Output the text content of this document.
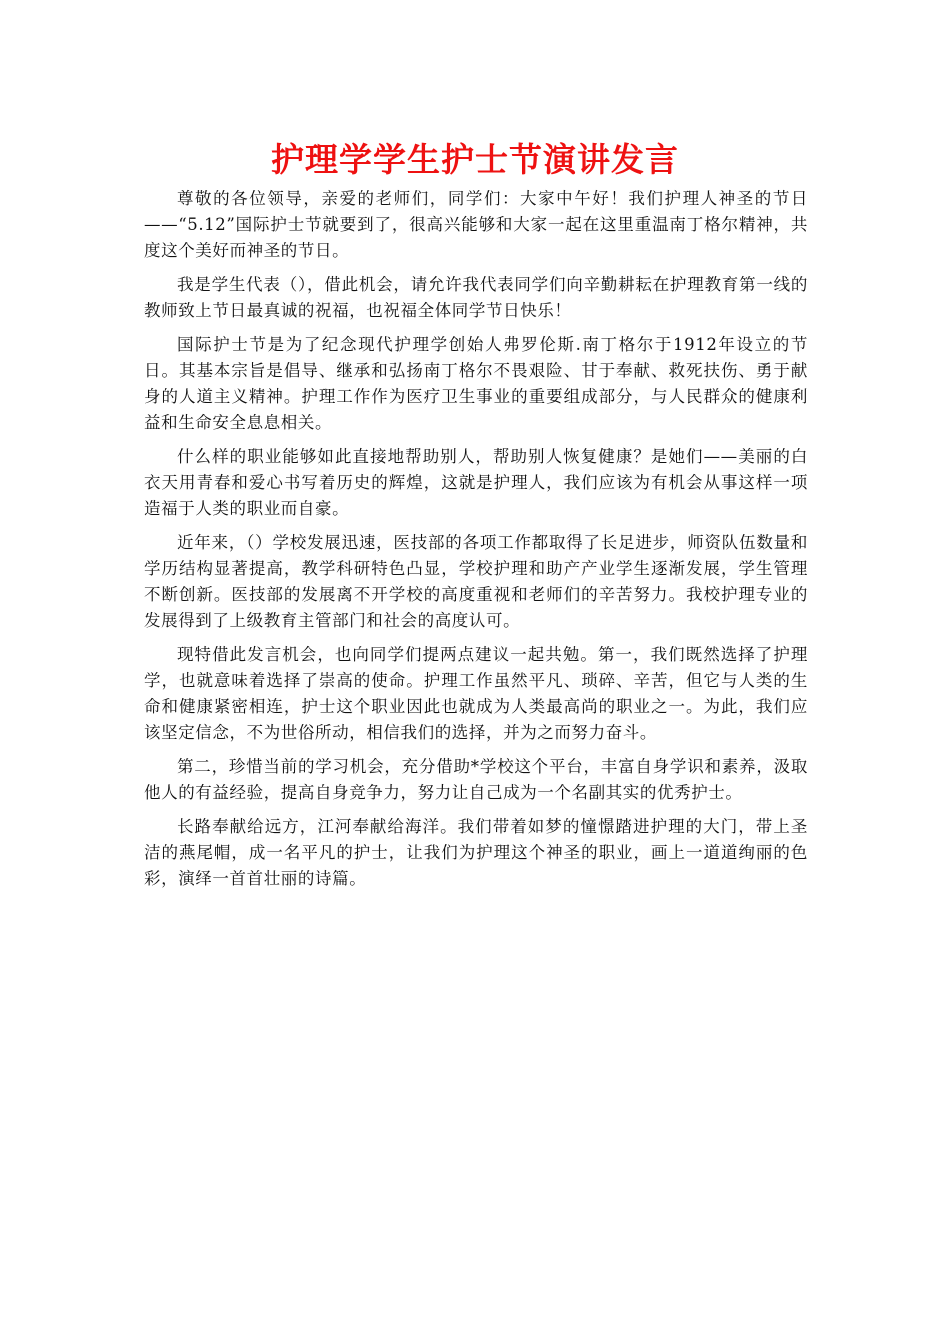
护理学学生护士节演讲发言

尊敬的各位领导，亲爱的老师们，同学们：大家中午好！我们护理人神圣的节日——“5.12”国际护士节就要到了，很高兴能够和大家一起在这里重温南丁格尔精神，共度这个美好而神圣的节日。

我是学生代表（），借此机会，请允许我代表同学们向辛勤耕耘在护理教育第一线的教师致上节日最真诚的祝福，也祝福全体同学节日快乐！

国际护士节是为了纪念现代护理学创始人弗罗伦斯.南丁格尔于1912年设立的节日。其基本宗旨是倡导、继承和弘扬南丁格尔不畏艰险、甘于奉献、救死扶伤、勇于献身的人道主义精神。护理工作作为医疗卫生事业的重要组成部分，与人民群众的健康利益和生命安全息息相关。

什么样的职业能够如此直接地帮助别人，帮助别人恢复健康？是她们——美丽的白衣天用青春和爱心书写着历史的辉煌，这就是护理人，我们应该为有机会从事这样一项造福于人类的职业而自豪。

近年来，（）学校发展迅速，医技部的各项工作都取得了长足进步，师资队伍数量和学历结构显著提高，教学科研特色凸显，学校护理和助产产业学生逐渐发展，学生管理不断创新。医技部的发展离不开学校的高度重视和老师们的辛苦努力。我校护理专业的发展得到了上级教育主管部门和社会的高度认可。

现特借此发言机会，也向同学们提两点建议一起共勉。第一，我们既然选择了护理学，也就意味着选择了崇高的使命。护理工作虽然平凡、琐碎、辛苦，但它与人类的生命和健康紧密相连，护士这个职业因此也就成为人类最高尚的职业之一。为此，我们应该坚定信念，不为世俗所动，相信我们的选择，并为之而努力奋斗。

第二，珍惜当前的学习机会，充分借助*学校这个平台，丰富自身学识和素养，汲取他人的有益经验，提高自身竞争力，努力让自己成为一个名副其实的优秀护士。

长路奉献给远方，江河奉献给海洋。我们带着如梦的憧憬踏进护理的大门，带上圣洁的燕尾帽，成一名平凡的护士，让我们为护理这个神圣的职业，画上一道道绚丽的色彩，演绎一首首壮丽的诗篇。
